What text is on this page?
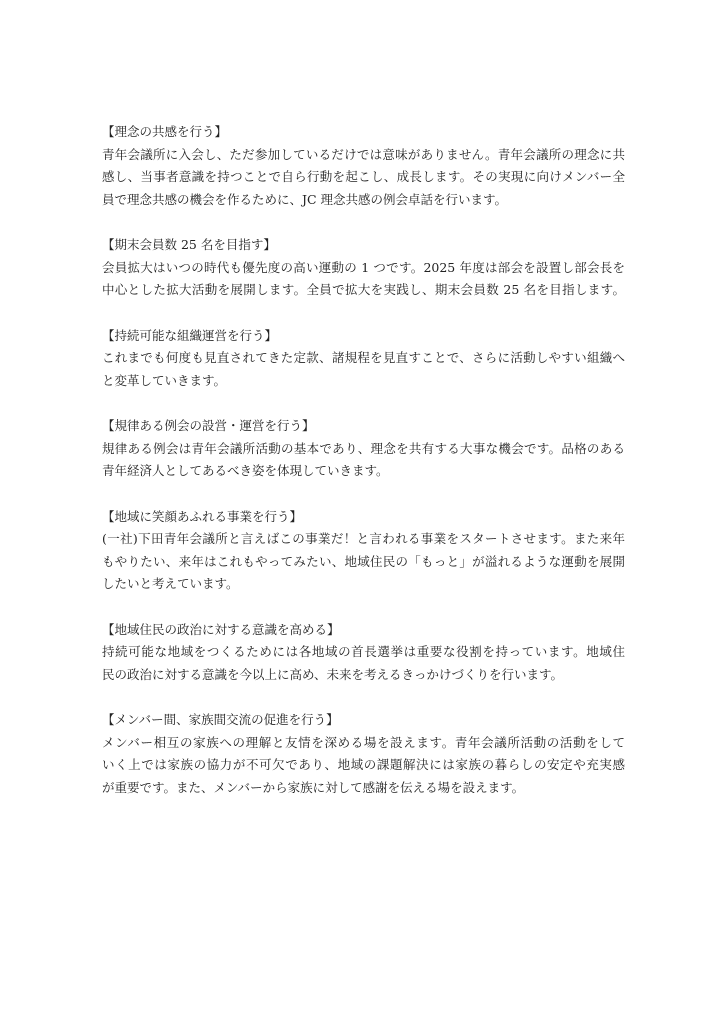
【理念の共感を行う】
青年会議所に入会し、ただ参加しているだけでは意味がありません。青年会議所の理念に共
感し、当事者意識を持つことで自ら行動を起こし、成長します。その実現に向けメンバー全
員で理念共感の機会を作るために、JC 理念共感の例会卓話を行います。
【期末会員数 25 名を目指す】
会員拡大はいつの時代も優先度の高い運動の 1 つです。2025 年度は部会を設置し部会長を
中心とした拡大活動を展開します。全員で拡大を実践し、期末会員数 25 名を目指します。
【持続可能な組織運営を行う】
これまでも何度も見直されてきた定款、諸規程を見直すことで、さらに活動しやすい組織へ
と変革していきます。
【規律ある例会の設営・運営を行う】
規律ある例会は青年会議所活動の基本であり、理念を共有する大事な機会です。品格のある
青年経済人としてあるべき姿を体現していきます。
【地域に笑顔あふれる事業を行う】
(一社)下田青年会議所と言えばこの事業だ！と言われる事業をスタートさせます。また来年
もやりたい、来年はこれもやってみたい、地域住民の「もっと」が溢れるような運動を展開
したいと考えています。
【地域住民の政治に対する意識を高める】
持続可能な地域をつくるためには各地域の首長選挙は重要な役割を持っています。地域住
民の政治に対する意識を今以上に高め、未来を考えるきっかけづくりを行います。
【メンバー間、家族間交流の促進を行う】
メンバー相互の家族への理解と友情を深める場を設えます。青年会議所活動の活動をして
いく上では家族の協力が不可欠であり、地域の課題解決には家族の暮らしの安定や充実感
が重要です。また、メンバーから家族に対して感謝を伝える場を設えます。
